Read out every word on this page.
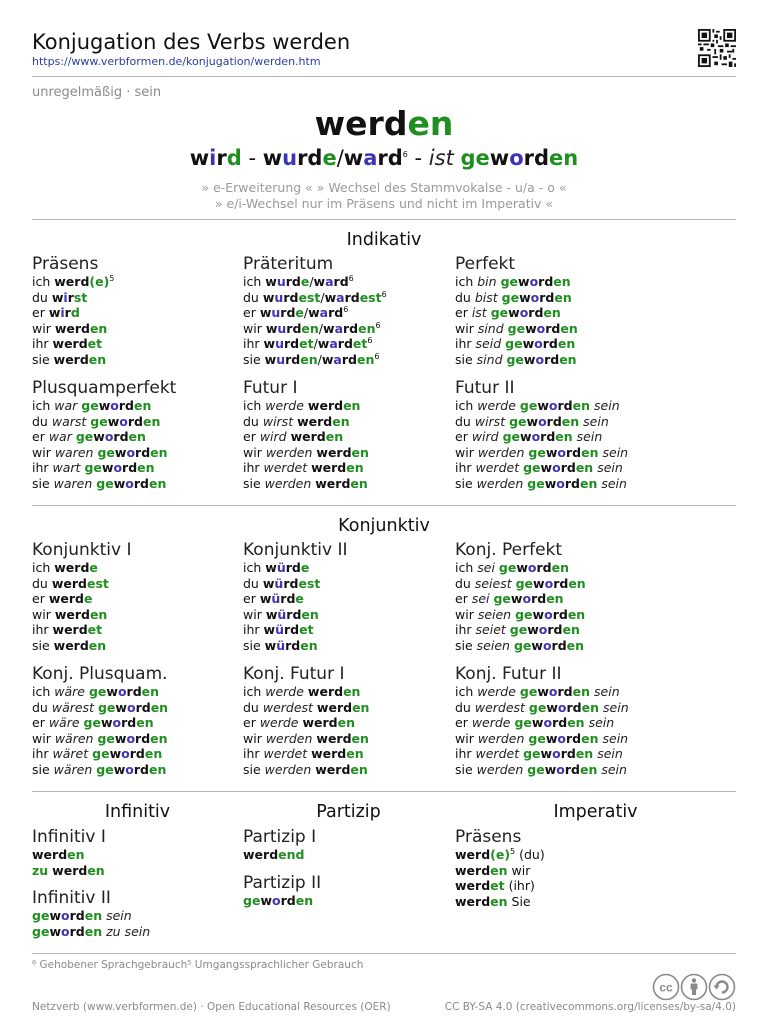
Konjugation des Verbs werden
https://www.verbformen.de/konjugation/werden.htm
unregelmäßig · sein
werden
wird - wurde/ward$^6$ - ist geworden
» e-Erweiterung « » Wechsel des Stammvokalse - u/a - o «
» e/i-Wechsel nur im Präsens und nicht im Imperativ «
Indikativ
Präsens
ich $werd(e)^5$
du wirst
er wird
wir werden
ihr werdet
sie werden
Präteritum
ich wurde/ward$^6$
du wurdest/wardest$^6$
er wurde/ward$^6$
wir wurden/warden$^6$
ihr wurdet/wardet$^6$
sie wurden/warden$^6$
Perfekt
ich bin geworden
du bist geworden
er ist geworden
wir sind geworden
ihr seid geworden
sie sind geworden
Plusquamperfekt
ich war geworden
du warst geworden
er war geworden
wir waren geworden
ihr wart geworden
sie waren geworden
Futur I
ich werde werden
du wirst werden
er wird werden
wir werden werden
ihr werdet werden
sie werden werden
Futur II
ich werde geworden sein
du wirst geworden sein
er wird geworden sein
wir werden geworden sein
ihr werdet geworden sein
sie werden geworden sein
Konjunktiv
Konjunktiv I
ich werde
du werdest
er werde
wir werden
ihr werdet
sie werden
Konjunktiv II
ich würde
du würdest
er würde
wir würden
ihr würdet
sie würden
Konj. Perfekt
ich sei geworden
du seiest geworden
er sei geworden
wir seien geworden
ihr seiet geworden
sie seien geworden
Konj. Plusquam.
ich wäre geworden
du wärest geworden
er wäre geworden
wir wären geworden
ihr wäret geworden
sie wären geworden
Konj. Futur I
ich werde werden
du werdest werden
er werde werden
wir werden werden
ihr werdet werden
sie werden werden
Konj. Futur II
ich werde geworden sein
du werdest geworden sein
er werde geworden sein
wir werden geworden sein
ihr werdet geworden sein
sie werden geworden sein
Infinitiv	Partizip	Imperativ
Infinitiv I
werden
zu werden
Infinitiv II
geworden sein
geworden zu sein
Partizip I
werdend
Partizip II
geworden
Präsens
$werd(e)^5$ (du)
werden wir
werdet (ihr)
werden Sie
⁶ Gehobener Sprachgebrauch⁵ Umgangssprachlicher Gebrauch
cc
Netzverb (www.verbformen.de) · Open Educational Resources (OER)	CC BY-SA 4.0 (creativecommons.org/licenses/by-sa/4.0)
